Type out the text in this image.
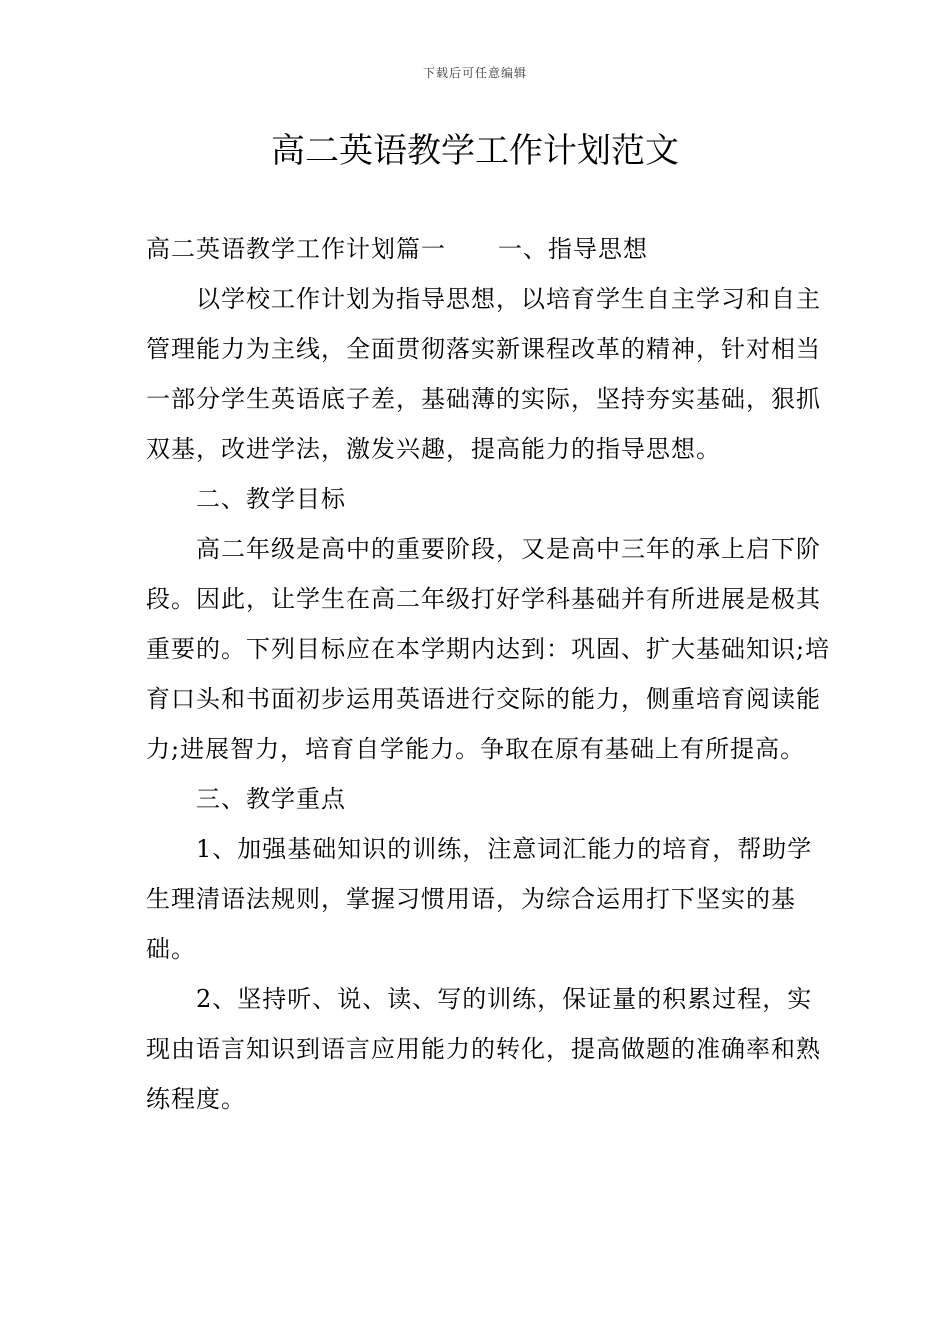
下载后可任意编辑
高二英语教学工作计划范文

高二英语教学工作计划篇一 一、指导思想

以学校工作计划为指导思想，以培育学生自主学习和自主管理能力为主线，全面贯彻落实新课程改革的精神，针对相当一部分学生英语底子差，基础薄的实际，坚持夯实基础，狠抓双基，改进学法，激发兴趣，提高能力的指导思想。

二、教学目标

高二年级是高中的重要阶段，又是高中三年的承上启下阶段。因此，让学生在高二年级打好学科基础并有所进展是极其重要的。下列目标应在本学期内达到：巩固、扩大基础知识;培育口头和书面初步运用英语进行交际的能力，侧重培育阅读能力;进展智力，培育自学能力。争取在原有基础上有所提高。

三、教学重点

1、加强基础知识的训练，注意词汇能力的培育，帮助学生理清语法规则，掌握习惯用语，为综合运用打下坚实的基础。

2、坚持听、说、读、写的训练，保证量的积累过程，实现由语言知识到语言应用能力的转化，提高做题的准确率和熟练程度。
